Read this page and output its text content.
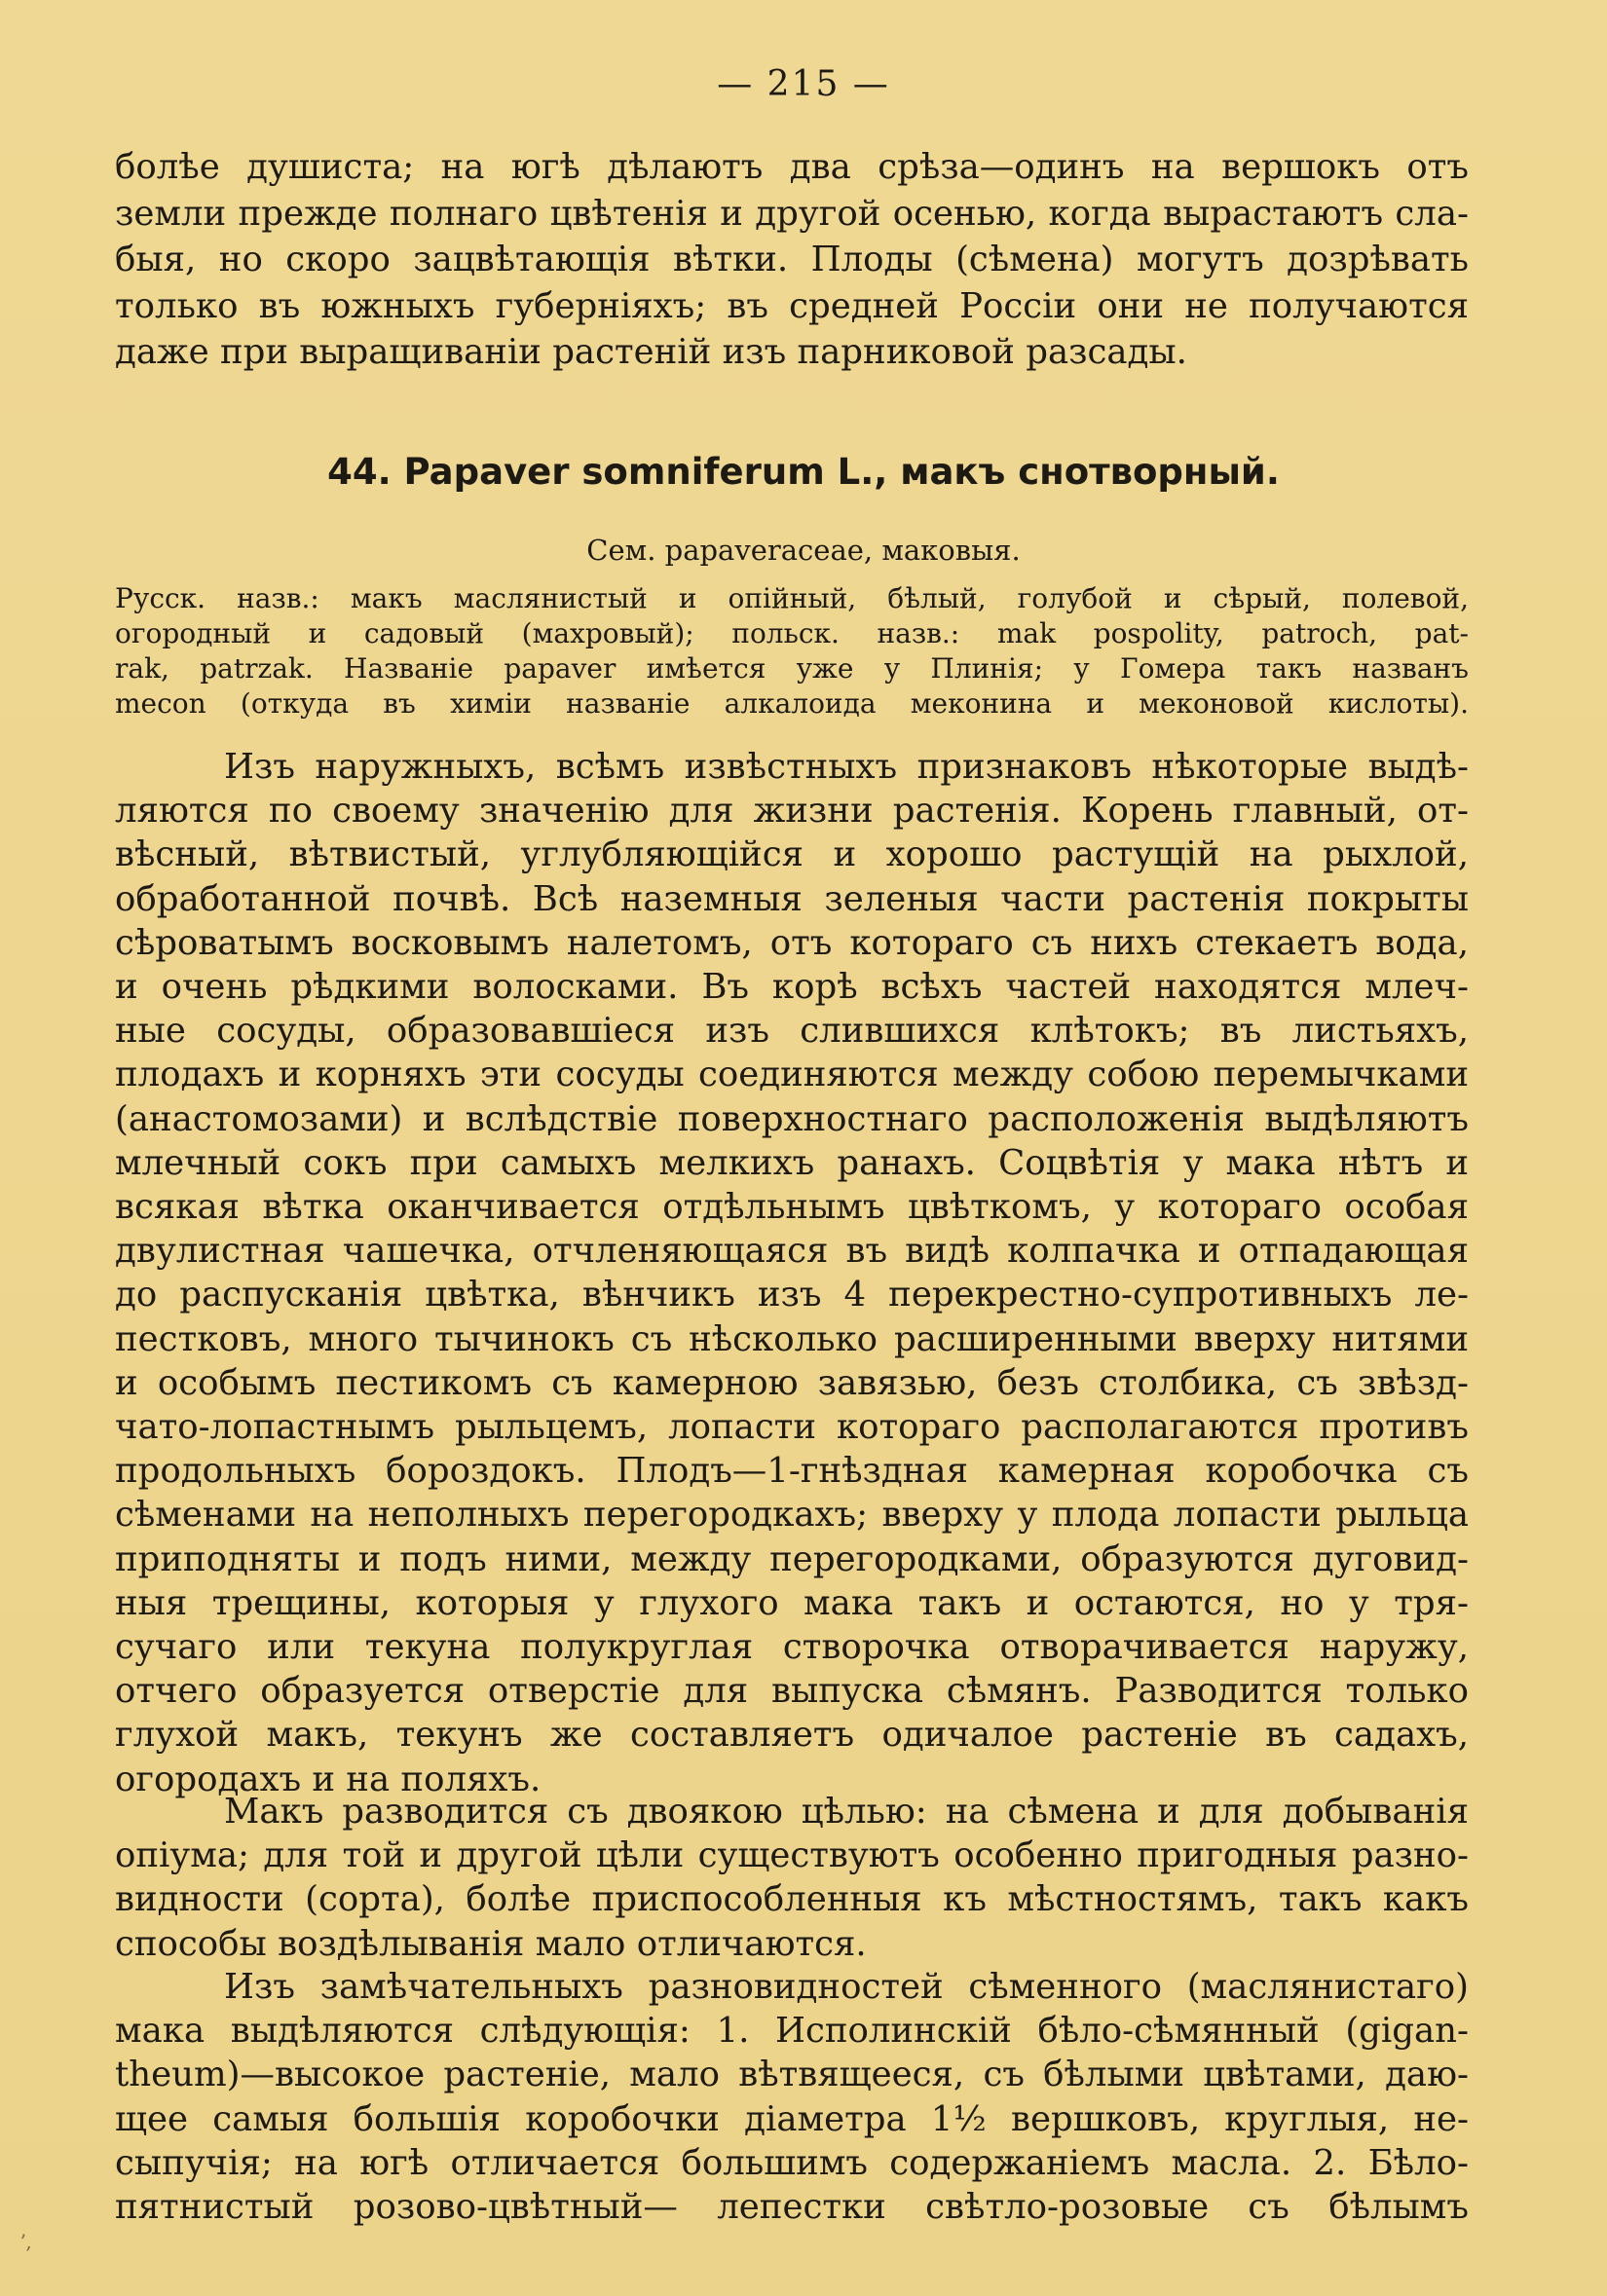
— 215 —
болѣе душиста; на югѣ дѣлаютъ два срѣза—одинъ на вершокъ отъ
земли прежде полнаго цвѣтенія и другой осенью, когда вырастаютъ сла-
быя, но скоро зацвѣтающія вѣтки. Плоды (сѣмена) могутъ дозрѣвать
только въ южныхъ губерніяхъ; въ средней Россіи они не получаются
даже при выращиваніи растеній изъ парниковой разсады.
44. Papaver somniferum L., макъ снотворный.
Сем. papaveraceae, маковыя.
Русск. назв.: макъ маслянистый и опійный, бѣлый, голубой и сѣрый, полевой,
огородный и садовый (махровый); польск. назв.: mak pospolity, patroch, pat-
rak, patrzak. Названіе papaver имѣется уже у Плинія; у Гомера такъ названъ
mecon (откуда въ химіи названіе алкалоида меконина и меконовой кислоты).
Изъ наружныхъ, всѣмъ извѣстныхъ признаковъ нѣкоторые выдѣ-
ляются по своему значенію для жизни растенія. Корень главный, от-
вѣсный, вѣтвистый, углубляющійся и хорошо растущій на рыхлой,
обработанной почвѣ. Всѣ наземныя зеленыя части растенія покрыты
сѣроватымъ восковымъ налетомъ, отъ котораго съ нихъ стекаетъ вода,
и очень рѣдкими волосками. Въ корѣ всѣхъ частей находятся млеч-
ные сосуды, образовавшіеся изъ слившихся клѣтокъ; въ листьяхъ,
плодахъ и корняхъ эти сосуды соединяются между собою перемычками
(анастомозами) и вслѣдствіе поверхностнаго расположенія выдѣляютъ
млечный сокъ при самыхъ мелкихъ ранахъ. Соцвѣтія у мака нѣтъ и
всякая вѣтка оканчивается отдѣльнымъ цвѣткомъ, у котораго особая
двулистная чашечка, отчленяющаяся въ видѣ колпачка и отпадающая
до распусканія цвѣтка, вѣнчикъ изъ 4 перекрестно-супротивныхъ ле-
пестковъ, много тычинокъ съ нѣсколько расширенными вверху нитями
и особымъ пестикомъ съ камерною завязью, безъ столбика, съ звѣзд-
чато-лопастнымъ рыльцемъ, лопасти котораго располагаются противъ
продольныхъ бороздокъ. Плодъ—1-гнѣздная камерная коробочка съ
сѣменами на неполныхъ перегородкахъ; вверху у плода лопасти рыльца
приподняты и подъ ними, между перегородками, образуются дуговид-
ныя трещины, которыя у глухого мака такъ и остаются, но у тря-
сучаго или текуна полукруглая створочка отворачивается наружу,
отчего образуется отверстіе для выпуска сѣмянъ. Разводится только
глухой макъ, текунъ же составляетъ одичалое растеніе въ садахъ,
огородахъ и на поляхъ.
Макъ разводится съ двоякою цѣлью: на сѣмена и для добыванія
опіума; для той и другой цѣли существуютъ особенно пригодныя разно-
видности (сорта), болѣе приспособленныя къ мѣстностямъ, такъ какъ
способы воздѣлыванія мало отличаются.
Изъ замѣчательныхъ разновидностей сѣменного (маслянистаго)
мака выдѣляются слѣдующія: 1. Исполинскій бѣло-сѣмянный (gigan-
theum)—высокое растеніе, мало вѣтвящееся, съ бѣлыми цвѣтами, даю-
щее самыя большія коробочки діаметра 1½ вершковъ, круглыя, не-
сыпучія; на югѣ отличается большимъ содержаніемъ масла. 2. Бѣло-
пятнистый розово-цвѣтный— лепестки свѣтло-розовые съ бѣлымъ
ʼ,
